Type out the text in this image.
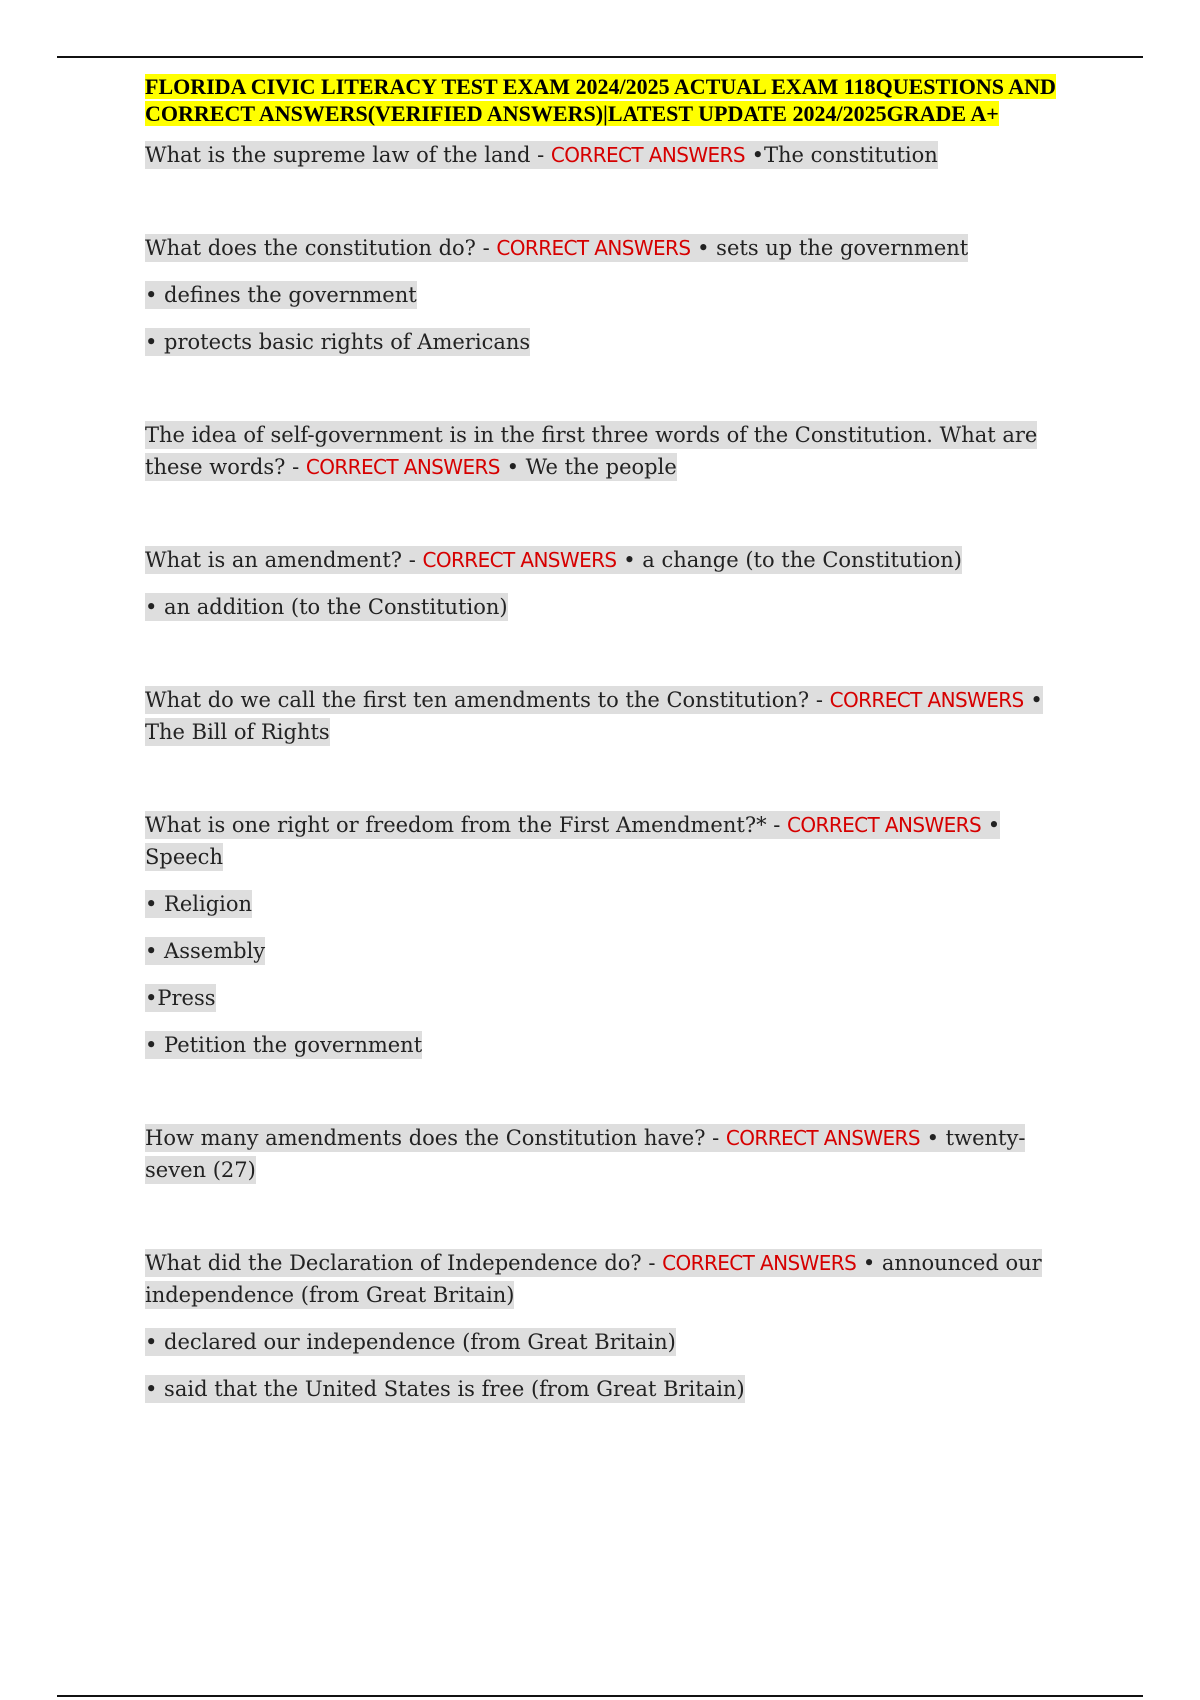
FLORIDA CIVIC LITERACY TEST EXAM 2024/2025 ACTUAL EXAM 118QUESTIONS AND CORRECT ANSWERS(VERIFIED ANSWERS)|LATEST UPDATE 2024/2025GRADE A+

What is the supreme law of the land - CORRECT ANSWERS •The constitution

What does the constitution do? - CORRECT ANSWERS • sets up the government

• defines the government

• protects basic rights of Americans

The idea of self-government is in the first three words of the Constitution. What are these words? - CORRECT ANSWERS • We the people

What is an amendment? - CORRECT ANSWERS • a change (to the Constitution)

• an addition (to the Constitution)

What do we call the first ten amendments to the Constitution? - CORRECT ANSWERS • The Bill of Rights

What is one right or freedom from the First Amendment?* - CORRECT ANSWERS • Speech

• Religion

• Assembly

•Press

• Petition the government

How many amendments does the Constitution have? - CORRECT ANSWERS • twenty-seven (27)

What did the Declaration of Independence do? - CORRECT ANSWERS • announced our independence (from Great Britain)

• declared our independence (from Great Britain)

• said that the United States is free (from Great Britain)
